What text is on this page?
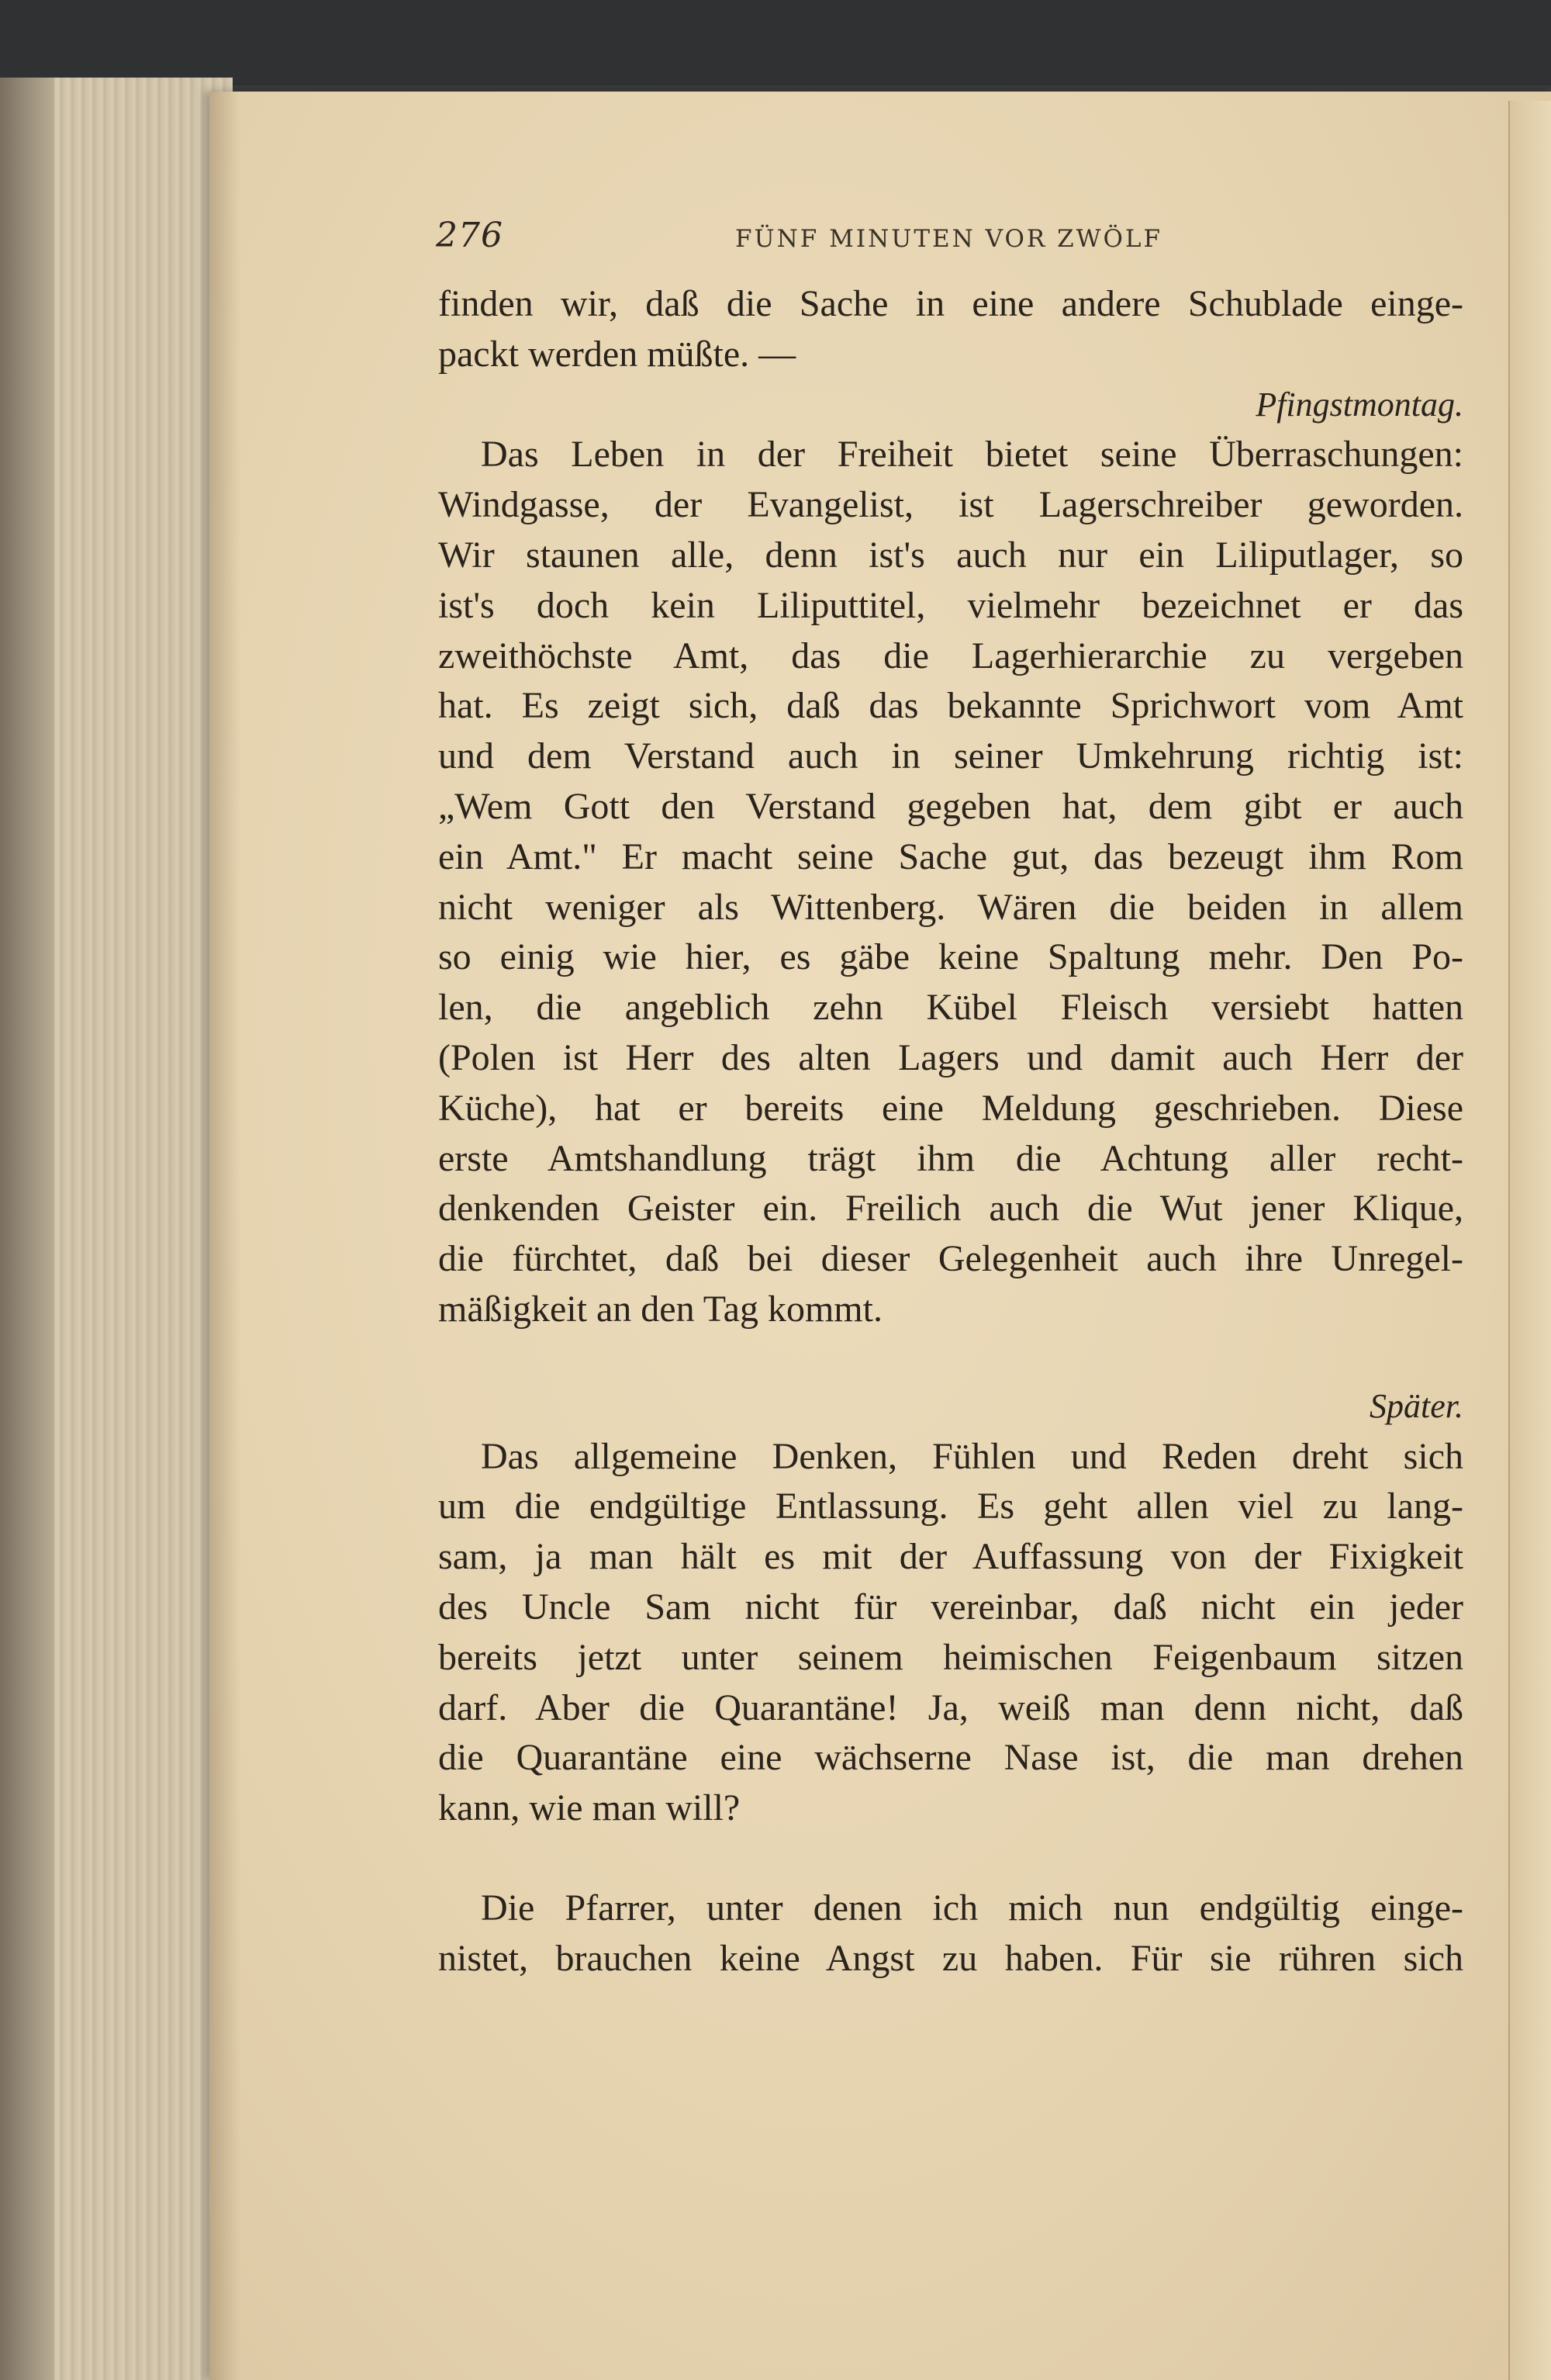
276	FÜNF MINUTEN VOR ZWÖLF
finden wir, daß die Sache in eine andere Schublade einge-
packt werden müßte. —
Pfingstmontag.
Das Leben in der Freiheit bietet seine Überraschungen:
Windgasse, der Evangelist, ist Lagerschreiber geworden.
Wir staunen alle, denn ist's auch nur ein Liliputlager, so
ist's doch kein Liliputtitel, vielmehr bezeichnet er das
zweithöchste Amt, das die Lagerhierarchie zu vergeben
hat. Es zeigt sich, daß das bekannte Sprichwort vom Amt
und dem Verstand auch in seiner Umkehrung richtig ist:
„Wem Gott den Verstand gegeben hat, dem gibt er auch
ein Amt." Er macht seine Sache gut, das bezeugt ihm Rom
nicht weniger als Wittenberg. Wären die beiden in allem
so einig wie hier, es gäbe keine Spaltung mehr. Den Po-
len, die angeblich zehn Kübel Fleisch versiebt hatten
(Polen ist Herr des alten Lagers und damit auch Herr der
Küche), hat er bereits eine Meldung geschrieben. Diese
erste Amtshandlung trägt ihm die Achtung aller recht-
denkenden Geister ein. Freilich auch die Wut jener Klique,
die fürchtet, daß bei dieser Gelegenheit auch ihre Unregel-
mäßigkeit an den Tag kommt.
Später.
Das allgemeine Denken, Fühlen und Reden dreht sich
um die endgültige Entlassung. Es geht allen viel zu lang-
sam, ja man hält es mit der Auffassung von der Fixigkeit
des Uncle Sam nicht für vereinbar, daß nicht ein jeder
bereits jetzt unter seinem heimischen Feigenbaum sitzen
darf. Aber die Quarantäne! Ja, weiß man denn nicht, daß
die Quarantäne eine wächserne Nase ist, die man drehen
kann, wie man will?
Die Pfarrer, unter denen ich mich nun endgültig einge-
nistet, brauchen keine Angst zu haben. Für sie rühren sich
